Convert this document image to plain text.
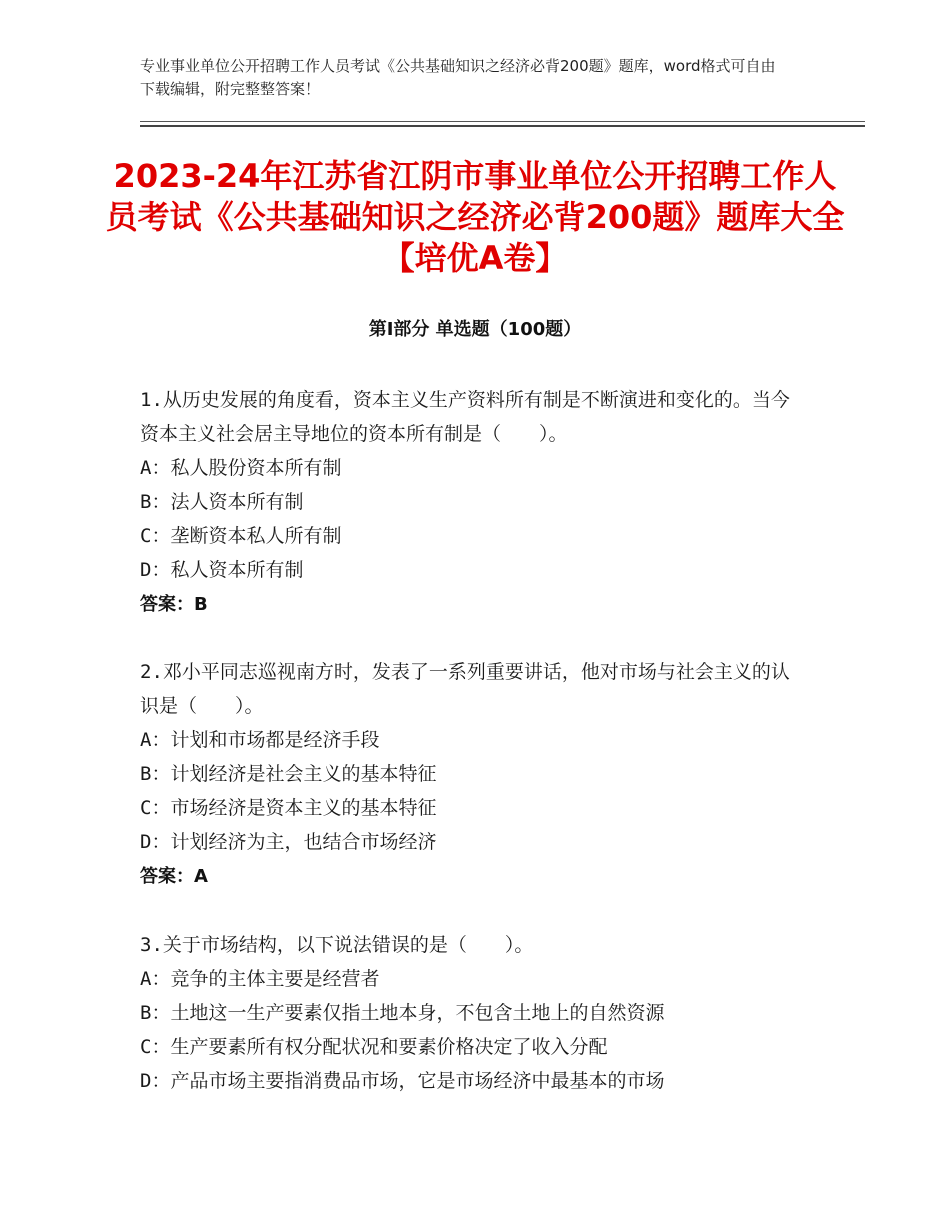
专业事业单位公开招聘工作人员考试《公共基础知识之经济必背200题》题库，word格式可自由下载编辑，附完整整答案！
2023-24年江苏省江阴市事业单位公开招聘工作人员考试《公共基础知识之经济必背200题》题库大全【培优A卷】
第Ⅰ部分 单选题（100题）

1.从历史发展的角度看，资本主义生产资料所有制是不断演进和变化的。当今资本主义社会居主导地位的资本所有制是（　　）。

A：私人股份资本所有制
B：法人资本所有制
C：垄断资本私人所有制
D：私人资本所有制
答案：B

2.邓小平同志巡视南方时，发表了一系列重要讲话，他对市场与社会主义的认识是（　　）。

A：计划和市场都是经济手段
B：计划经济是社会主义的基本特征
C：市场经济是资本主义的基本特征
D：计划经济为主，也结合市场经济
答案：A

3.关于市场结构，以下说法错误的是（　　）。

A：竞争的主体主要是经营者
B：土地这一生产要素仅指土地本身，不包含土地上的自然资源
C：生产要素所有权分配状况和要素价格决定了收入分配
D：产品市场主要指消费品市场，它是市场经济中最基本的市场
